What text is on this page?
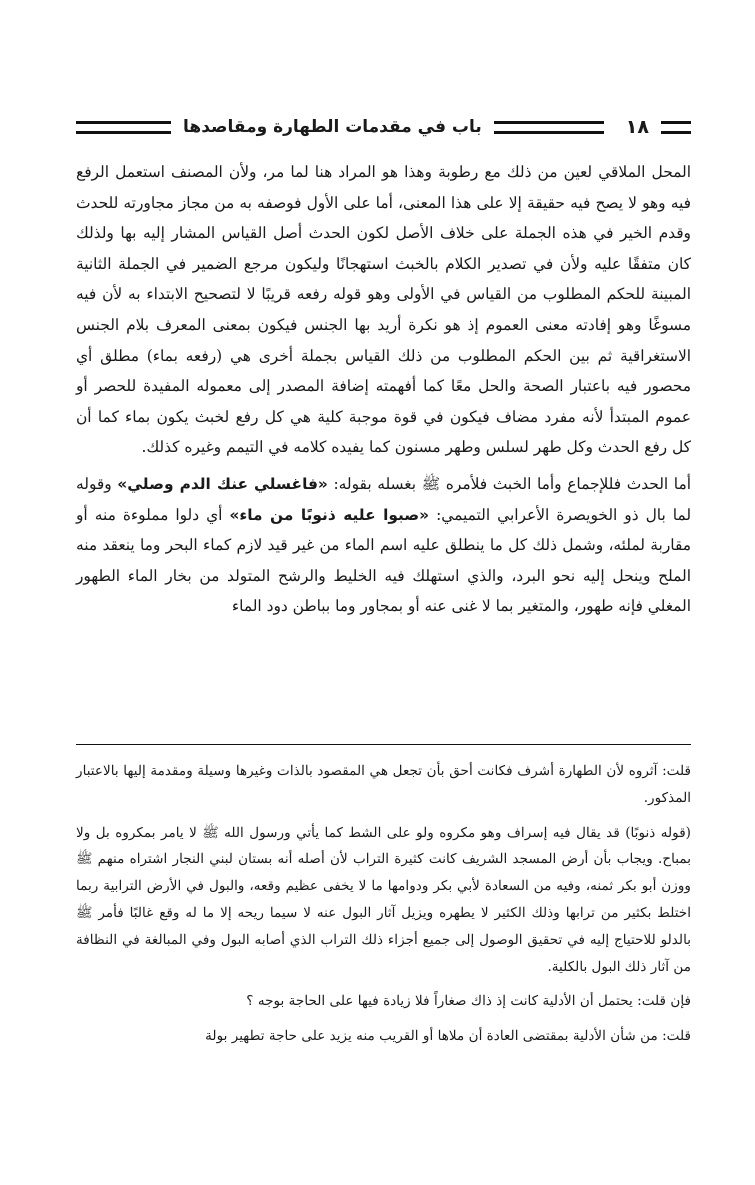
١٨
باب في مقدمات الطهارة ومقاصدها

المحل الملاقي لعين من ذلك مع رطوبة وهذا هو المراد هنا لما مر، ولأن المصنف استعمل الرفع فيه وهو لا يصح فيه حقيقة إلا على هذا المعنى، أما على الأول فوصفه به من مجاز مجاورته للحدث وقدم الخير في هذه الجملة على خلاف الأصل لكون الحدث أصل القياس المشار إليه بها ولذلك كان متفقًا عليه ولأن في تصدير الكلام بالخبث استهجانًا وليكون مرجع الضمير في الجملة الثانية المبينة للحكم المطلوب من القياس في الأولى وهو قوله رفعه قريبًا لا لتصحيح الابتداء به لأن فيه مسوغًا وهو إفادته معنى العموم إذ هو نكرة أريد بها الجنس فيكون بمعنى المعرف بلام الجنس الاستغراقية ثم بين الحكم المطلوب من ذلك القياس بجملة أخرى هي (رفعه بماء) مطلق أي محصور فيه باعتبار الصحة والحل معًا كما أفهمته إضافة المصدر إلى معموله المفيدة للحصر أو عموم المبتدأ لأنه مفرد مضاف فيكون في قوة موجبة كلية هي كل رفع لخبث يكون بماء كما أن كل رفع الحدث وكل طهر لسلس وطهر مسنون كما يفيده كلامه في التيمم وغيره كذلك.

أما الحدث فللإجماع وأما الخبث فلأمره ﷺ بغسله بقوله: «فاغسلي عنك الدم وصلي» وقوله لما بال ذو الخويصرة الأعرابي التميمي: «صبوا عليه ذنوبًا من ماء» أي دلوا مملوءة منه أو مقاربة لملئه، وشمل ذلك كل ما ينطلق عليه اسم الماء من غير قيد لازم كماء البحر وما ينعقد منه الملح وينحل إليه نحو البرد، والذي استهلك فيه الخليط والرشح المتولد من بخار الماء الطهور المغلي فإنه طهور، والمتغير بما لا غنى عنه أو بمجاور وما بباطن دود الماء

قلت: آثروه لأن الطهارة أشرف فكانت أحق بأن تجعل هي المقصود بالذات وغيرها وسيلة ومقدمة إليها بالاعتبار المذكور.

(قوله ذنوبًا) قد يقال فيه إسراف وهو مكروه ولو على الشط كما يأتي ورسول الله ﷺ لا يامر بمكروه بل ولا بمباح. ويجاب بأن أرض المسجد الشريف كانت كثيرة التراب لأن أصله أنه بستان لبني النجار اشتراه منهم ﷺ ووزن أبو بكر ثمنه، وفيه من السعادة لأبي بكر ودوامها ما لا يخفى عظيم وقعه، والبول في الأرض الترابية ربما اختلط بكثير من ترابها وذلك الكثير لا يطهره ويزيل آثار البول عنه لا سيما ريحه إلا ما له وقع غالبًا فأمر ﷺ بالدلو للاحتياج إليه في تحقيق الوصول إلى جميع أجزاء ذلك التراب الذي أصابه البول وفي المبالغة في النظافة من آثار ذلك البول بالكلية.

فإن قلت: يحتمل أن الأدلية كانت إذ ذاك صغاراً فلا زيادة فيها على الحاجة بوجه ؟

قلت: من شأن الأدلية بمقتضى العادة أن ملاها أو القريب منه يزيد على حاجة تطهير بولة
